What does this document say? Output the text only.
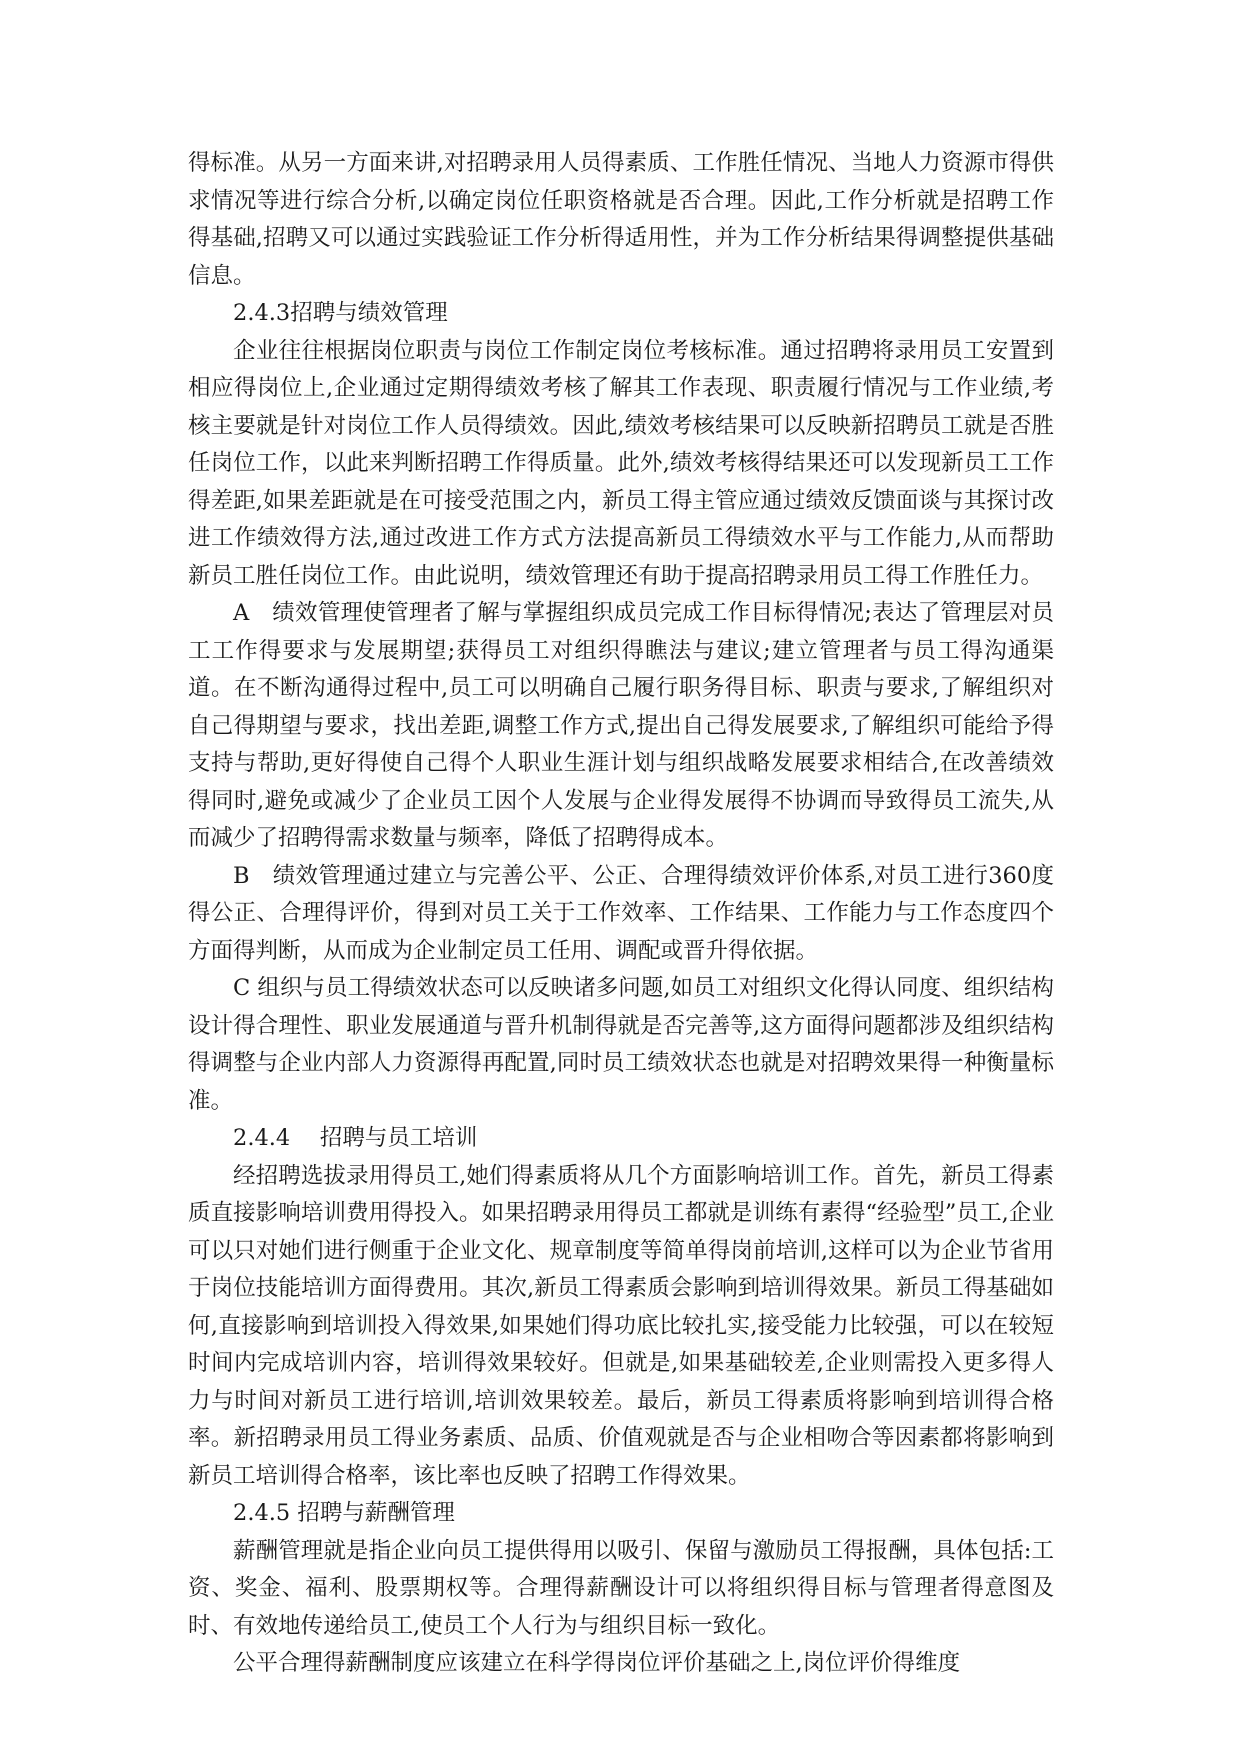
得标准。从另一方面来讲,对招聘录用人员得素质、工作胜任情况、当地人力资源市得供求情况等进行综合分析,以确定岗位任职资格就是否合理。因此,工作分析就是招聘工作得基础,招聘又可以通过实践验证工作分析得适用性，并为工作分析结果得调整提供基础信息。

2.4.3招聘与绩效管理

企业往往根据岗位职责与岗位工作制定岗位考核标准。通过招聘将录用员工安置到相应得岗位上,企业通过定期得绩效考核了解其工作表现、职责履行情况与工作业绩,考核主要就是针对岗位工作人员得绩效。因此,绩效考核结果可以反映新招聘员工就是否胜任岗位工作，以此来判断招聘工作得质量。此外,绩效考核得结果还可以发现新员工工作得差距,如果差距就是在可接受范围之内，新员工得主管应通过绩效反馈面谈与其探讨改进工作绩效得方法,通过改进工作方式方法提高新员工得绩效水平与工作能力,从而帮助新员工胜任岗位工作。由此说明，绩效管理还有助于提高招聘录用员工得工作胜任力。

A　绩效管理使管理者了解与掌握组织成员完成工作目标得情况;表达了管理层对员工工作得要求与发展期望;获得员工对组织得瞧法与建议;建立管理者与员工得沟通渠道。在不断沟通得过程中,员工可以明确自己履行职务得目标、职责与要求,了解组织对自己得期望与要求，找出差距,调整工作方式,提出自己得发展要求,了解组织可能给予得支持与帮助,更好得使自己得个人职业生涯计划与组织战略发展要求相结合,在改善绩效得同时,避免或减少了企业员工因个人发展与企业得发展得不协调而导致得员工流失,从而减少了招聘得需求数量与频率，降低了招聘得成本。

B　绩效管理通过建立与完善公平、公正、合理得绩效评价体系,对员工进行360度得公正、合理得评价，得到对员工关于工作效率、工作结果、工作能力与工作态度四个方面得判断，从而成为企业制定员工任用、调配或晋升得依据。

C 组织与员工得绩效状态可以反映诸多问题,如员工对组织文化得认同度、组织结构设计得合理性、职业发展通道与晋升机制得就是否完善等,这方面得问题都涉及组织结构得调整与企业内部人力资源得再配置,同时员工绩效状态也就是对招聘效果得一种衡量标准。

2.4.4　 招聘与员工培训

经招聘选拔录用得员工,她们得素质将从几个方面影响培训工作。首先，新员工得素质直接影响培训费用得投入。如果招聘录用得员工都就是训练有素得“经验型”员工,企业可以只对她们进行侧重于企业文化、规章制度等简单得岗前培训,这样可以为企业节省用于岗位技能培训方面得费用。其次,新员工得素质会影响到培训得效果。新员工得基础如何,直接影响到培训投入得效果,如果她们得功底比较扎实,接受能力比较强，可以在较短时间内完成培训内容，培训得效果较好。但就是,如果基础较差,企业则需投入更多得人力与时间对新员工进行培训,培训效果较差。最后，新员工得素质将影响到培训得合格率。新招聘录用员工得业务素质、品质、价值观就是否与企业相吻合等因素都将影响到新员工培训得合格率，该比率也反映了招聘工作得效果。

2.4.5 招聘与薪酬管理

薪酬管理就是指企业向员工提供得用以吸引、保留与激励员工得报酬，具体包括:工资、奖金、福利、股票期权等。合理得薪酬设计可以将组织得目标与管理者得意图及时、有效地传递给员工,使员工个人行为与组织目标一致化。

公平合理得薪酬制度应该建立在科学得岗位评价基础之上,岗位评价得维度
